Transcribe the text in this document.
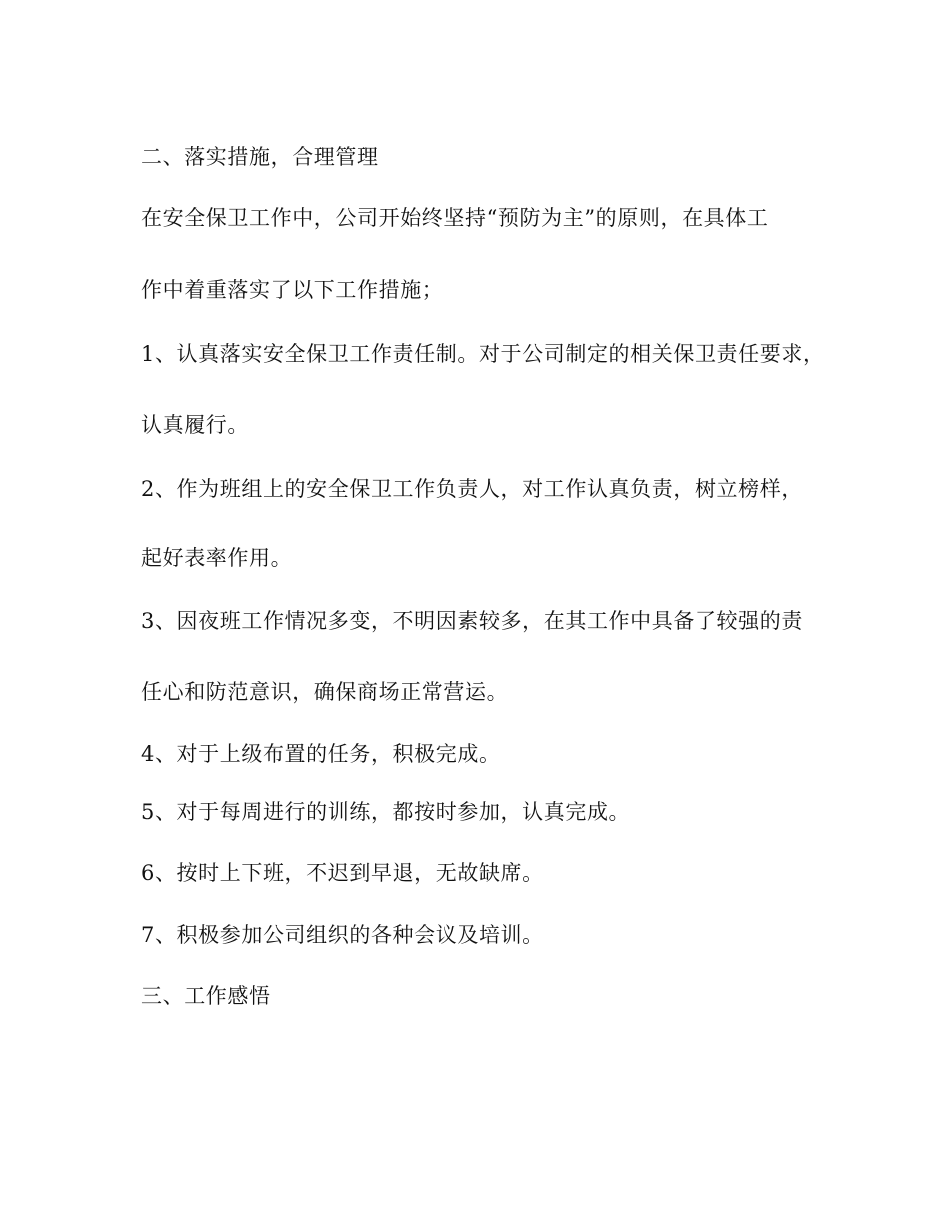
二、落实措施，合理管理
在安全保卫工作中，公司开始终坚持“预防为主”的原则，在具体工
作中着重落实了以下工作措施；
1、认真落实安全保卫工作责任制。对于公司制定的相关保卫责任要求，
认真履行。
2、作为班组上的安全保卫工作负责人，对工作认真负责，树立榜样，
起好表率作用。
3、因夜班工作情况多变，不明因素较多，在其工作中具备了较强的责
任心和防范意识，确保商场正常营运。
4、对于上级布置的任务，积极完成。
5、对于每周进行的训练，都按时参加，认真完成。
6、按时上下班，不迟到早退，无故缺席。
7、积极参加公司组织的各种会议及培训。
三、工作感悟
